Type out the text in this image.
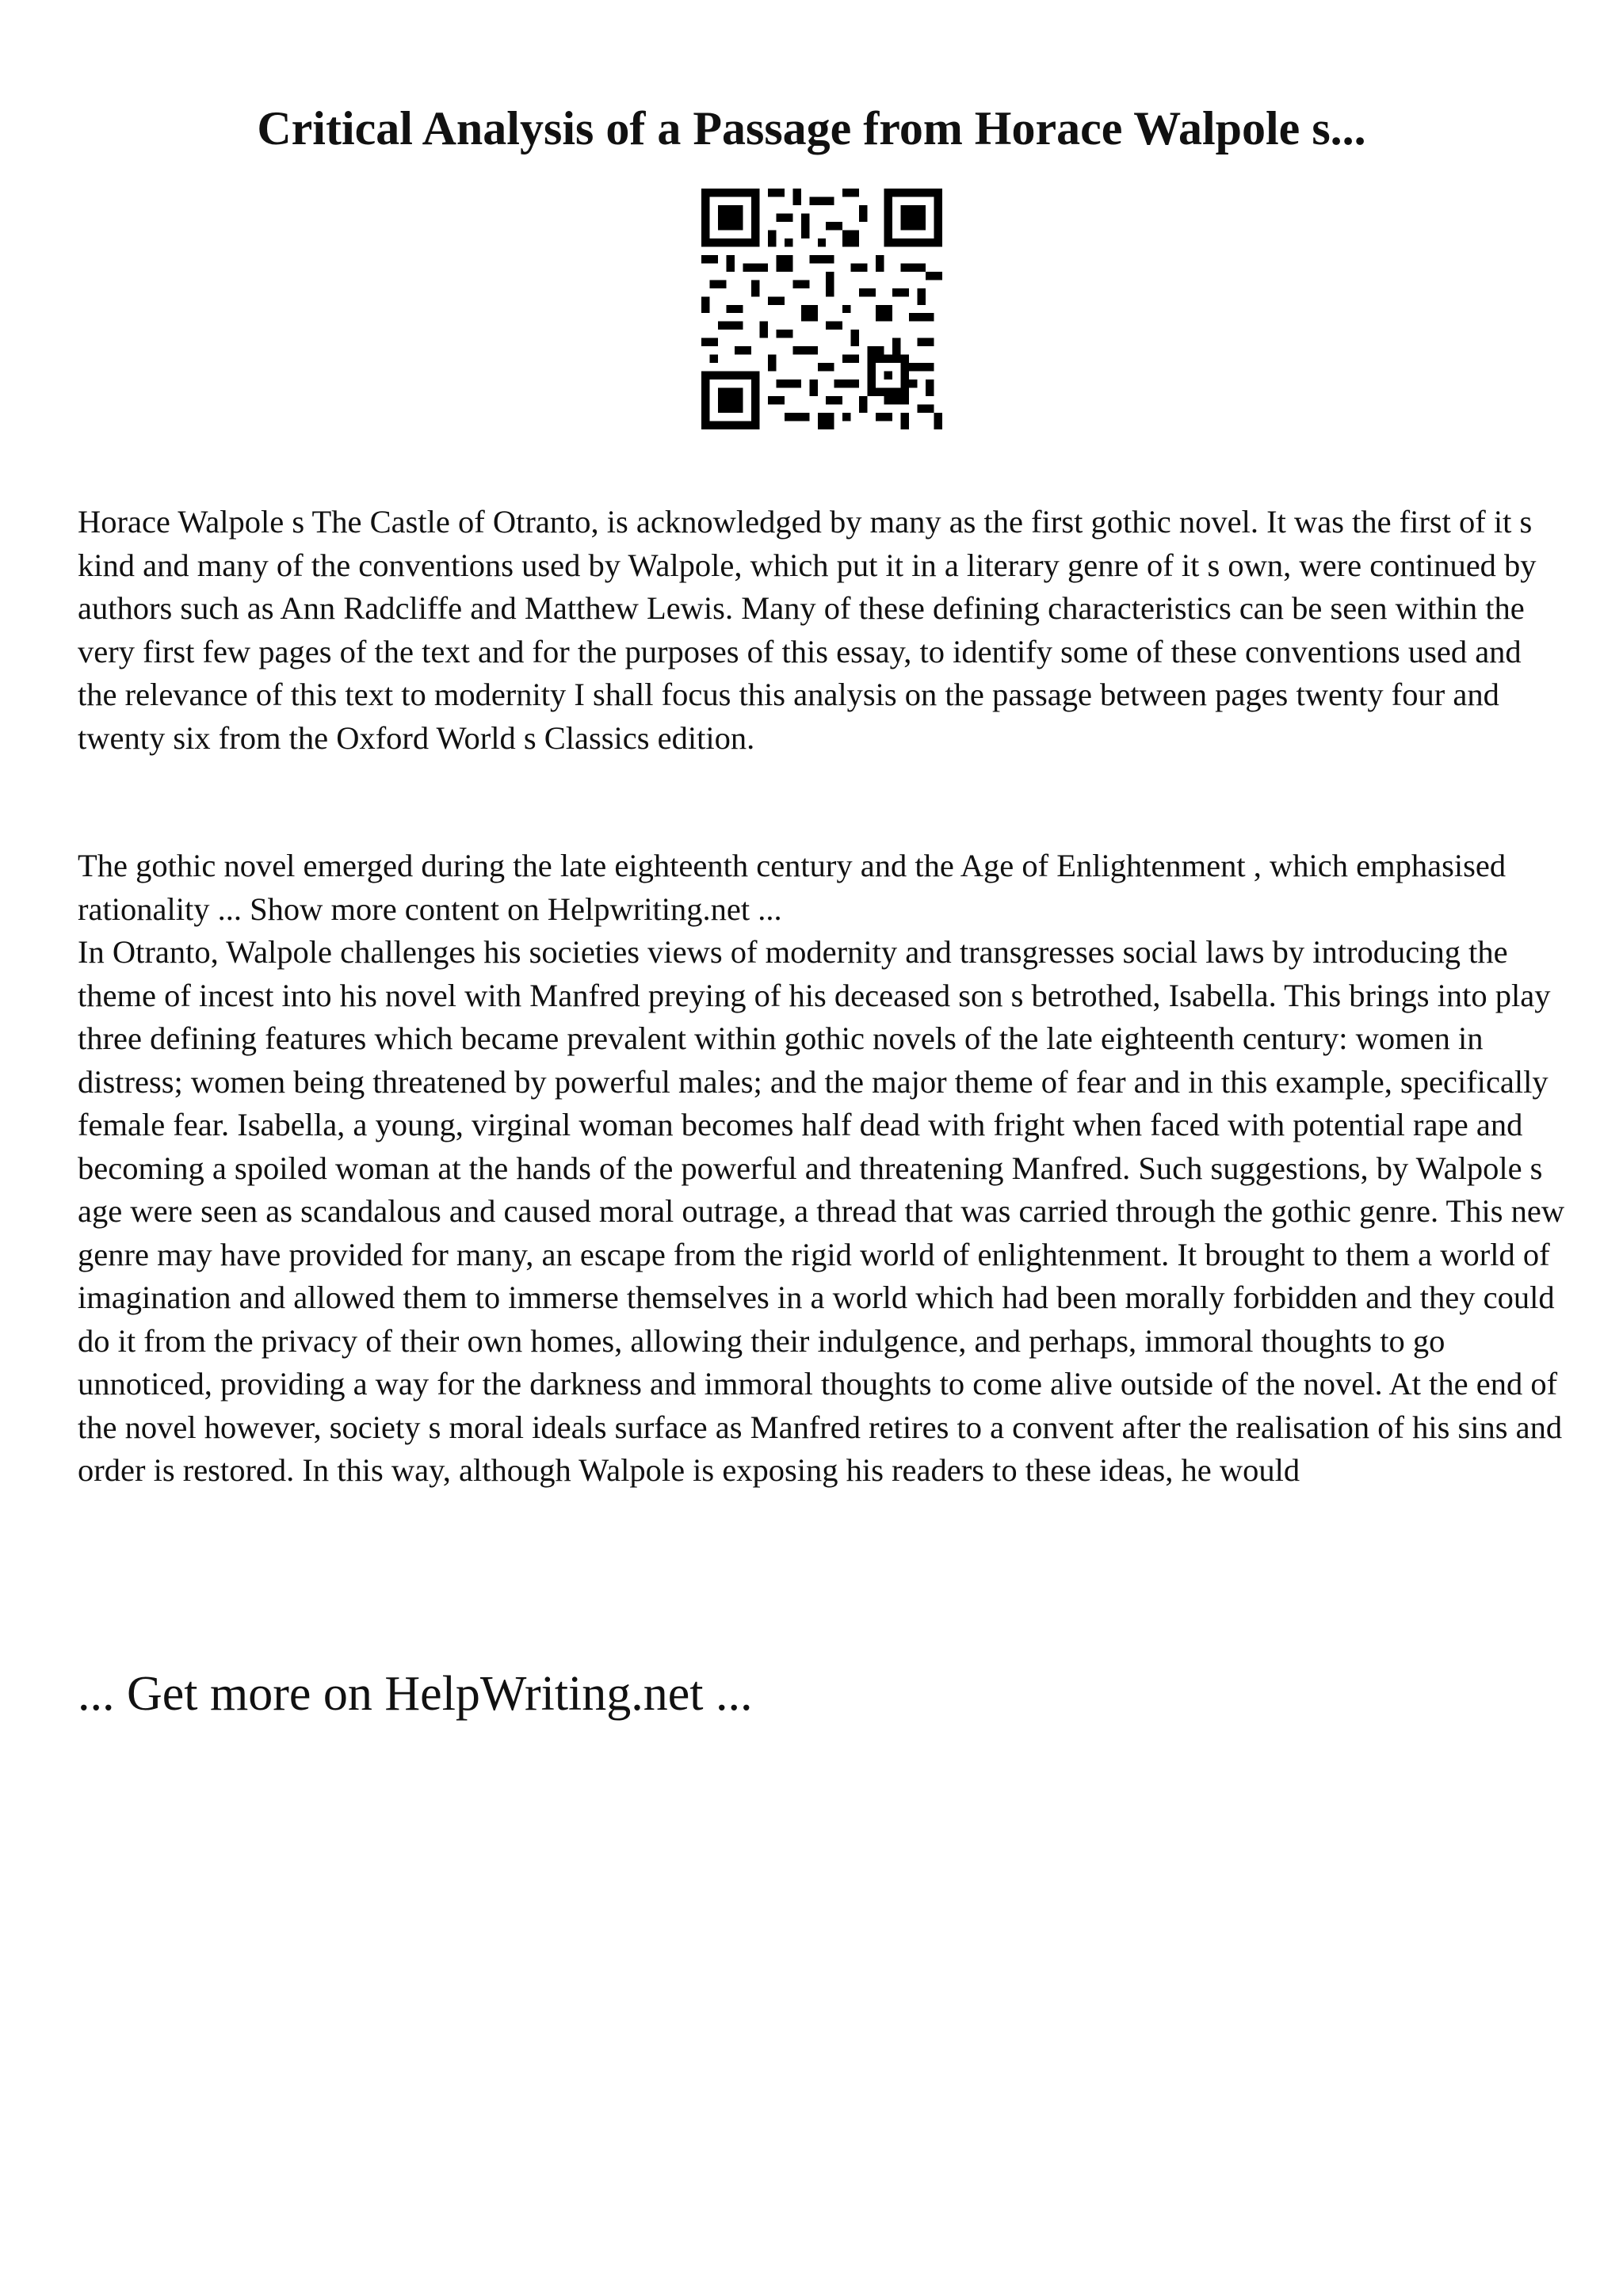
Critical Analysis of a Passage from Horace Walpole s...

Horace Walpole s The Castle of Otranto, is acknowledged by many as the first gothic novel. It was the first of it s kind and many of the conventions used by Walpole, which put it in a literary genre of it s own, were continued by authors such as Ann Radcliffe and Matthew Lewis. Many of these defining characteristics can be seen within the very first few pages of the text and for the purposes of this essay, to identify some of these conventions used and the relevance of this text to modernity I shall focus this analysis on the passage between pages twenty four and twenty six from the Oxford World s Classics edition.

The gothic novel emerged during the late eighteenth century and the Age of Enlightenment , which emphasised rationality ... Show more content on Helpwriting.net ...

In Otranto, Walpole challenges his societies views of modernity and transgresses social laws by introducing the theme of incest into his novel with Manfred preying of his deceased son s betrothed, Isabella. This brings into play three defining features which became prevalent within gothic novels of the late eighteenth century: women in distress; women being threatened by powerful males; and the major theme of fear and in this example, specifically female fear. Isabella, a young, virginal woman becomes half dead with fright when faced with potential rape and becoming a spoiled woman at the hands of the powerful and threatening Manfred. Such suggestions, by Walpole s age were seen as scandalous and caused moral outrage, a thread that was carried through the gothic genre. This new genre may have provided for many, an escape from the rigid world of enlightenment. It brought to them a world of imagination and allowed them to immerse themselves in a world which had been morally forbidden and they could do it from the privacy of their own homes, allowing their indulgence, and perhaps, immoral thoughts to go unnoticed, providing a way for the darkness and immoral thoughts to come alive outside of the novel. At the end of the novel however, society s moral ideals surface as Manfred retires to a convent after the realisation of his sins and order is restored. In this way, although Walpole is exposing his readers to these ideas, he would

... Get more on HelpWriting.net ...
